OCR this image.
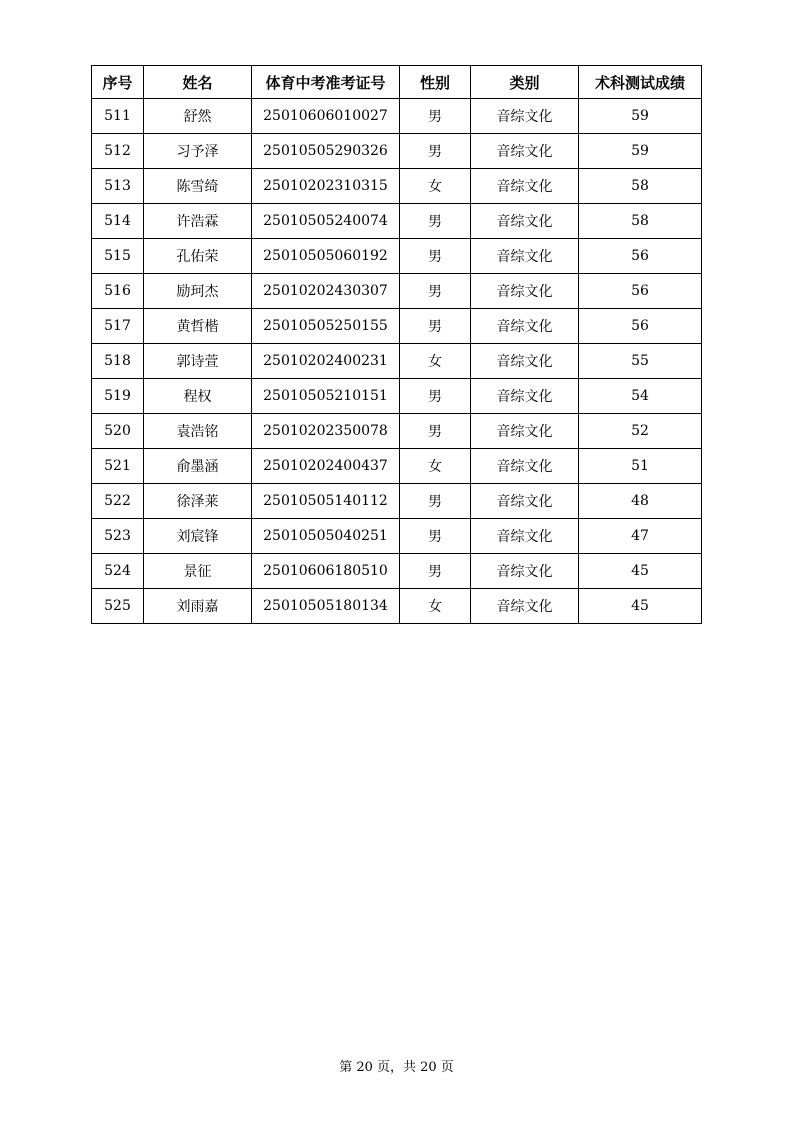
序号	姓名	体育中考准考证号	性别	类别	术科测试成绩
511	舒然	25010606010027	男	音综文化	59
512	习予泽	25010505290326	男	音综文化	59
513	陈雪绮	25010202310315	女	音综文化	58
514	许浩霖	25010505240074	男	音综文化	58
515	孔佑荣	25010505060192	男	音综文化	56
516	励珂杰	25010202430307	男	音综文化	56
517	黄哲楷	25010505250155	男	音综文化	56
518	郭诗萱	25010202400231	女	音综文化	55
519	程权	25010505210151	男	音综文化	54
520	袁浩铭	25010202350078	男	音综文化	52
521	俞墨涵	25010202400437	女	音综文化	51
522	徐泽莱	25010505140112	男	音综文化	48
523	刘宸锋	25010505040251	男	音综文化	47
524	景征	25010606180510	男	音综文化	45
525	刘雨嘉	25010505180134	女	音综文化	45
第 20 页，共 20 页
